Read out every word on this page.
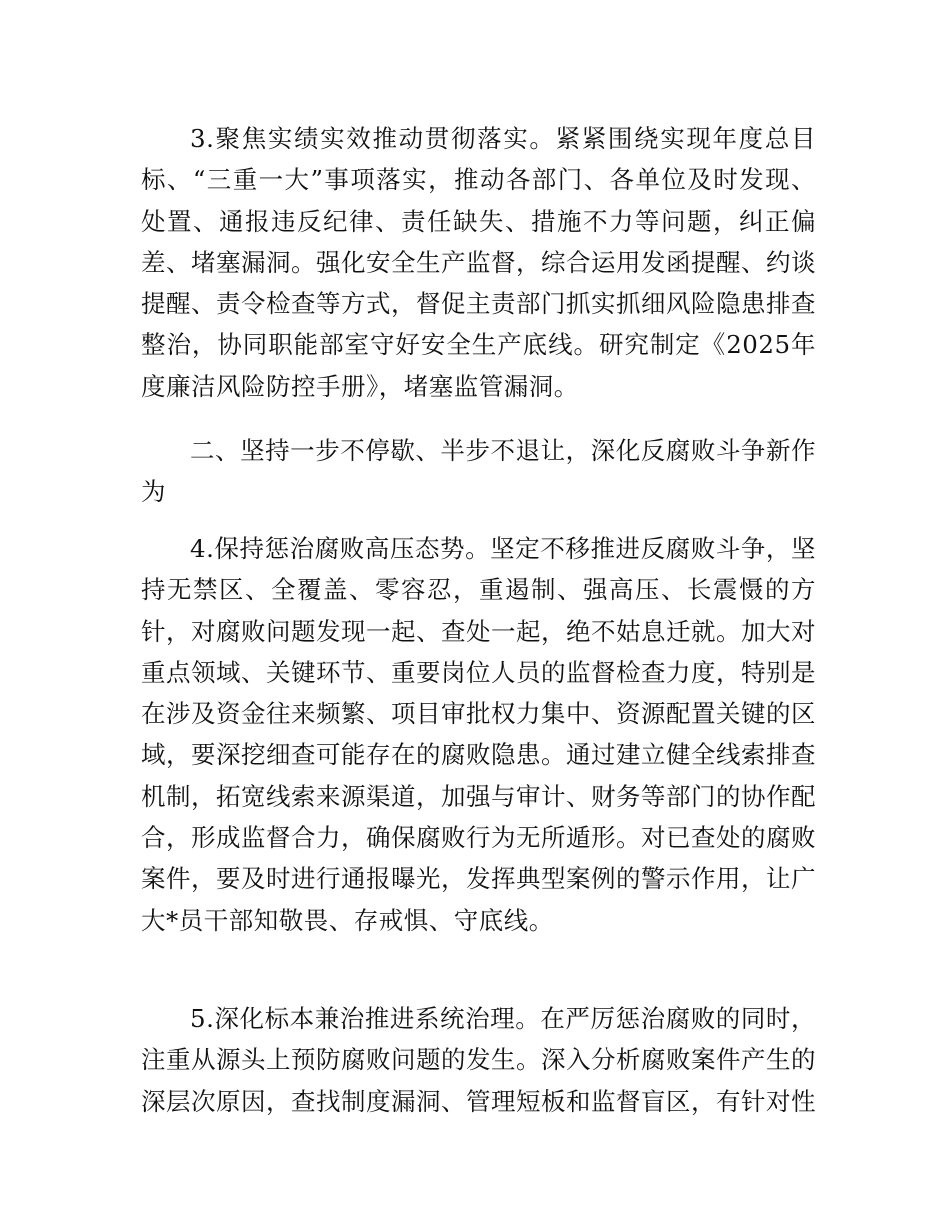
3.聚焦实绩实效推动贯彻落实。紧紧围绕实现年度总目标、“三重一大”事项落实，推动各部门、各单位及时发现、处置、通报违反纪律、责任缺失、措施不力等问题，纠正偏差、堵塞漏洞。强化安全生产监督，综合运用发函提醒、约谈提醒、责令检查等方式，督促主责部门抓实抓细风险隐患排查整治，协同职能部室守好安全生产底线。研究制定《2025年度廉洁风险防控手册》，堵塞监管漏洞。

二、坚持一步不停歇、半步不退让，深化反腐败斗争新作为

4.保持惩治腐败高压态势。坚定不移推进反腐败斗争，坚持无禁区、全覆盖、零容忍，重遏制、强高压、长震慑的方针，对腐败问题发现一起、查处一起，绝不姑息迁就。加大对重点领域、关键环节、重要岗位人员的监督检查力度，特别是在涉及资金往来频繁、项目审批权力集中、资源配置关键的区域，要深挖细查可能存在的腐败隐患。通过建立健全线索排查机制，拓宽线索来源渠道，加强与审计、财务等部门的协作配合，形成监督合力，确保腐败行为无所遁形。对已查处的腐败案件，要及时进行通报曝光，发挥典型案例的警示作用，让广大*员干部知敬畏、存戒惧、守底线。

5.深化标本兼治推进系统治理。在严厉惩治腐败的同时，注重从源头上预防腐败问题的发生。深入分析腐败案件产生的深层次原因，查找制度漏洞、管理短板和监督盲区，有针对性
